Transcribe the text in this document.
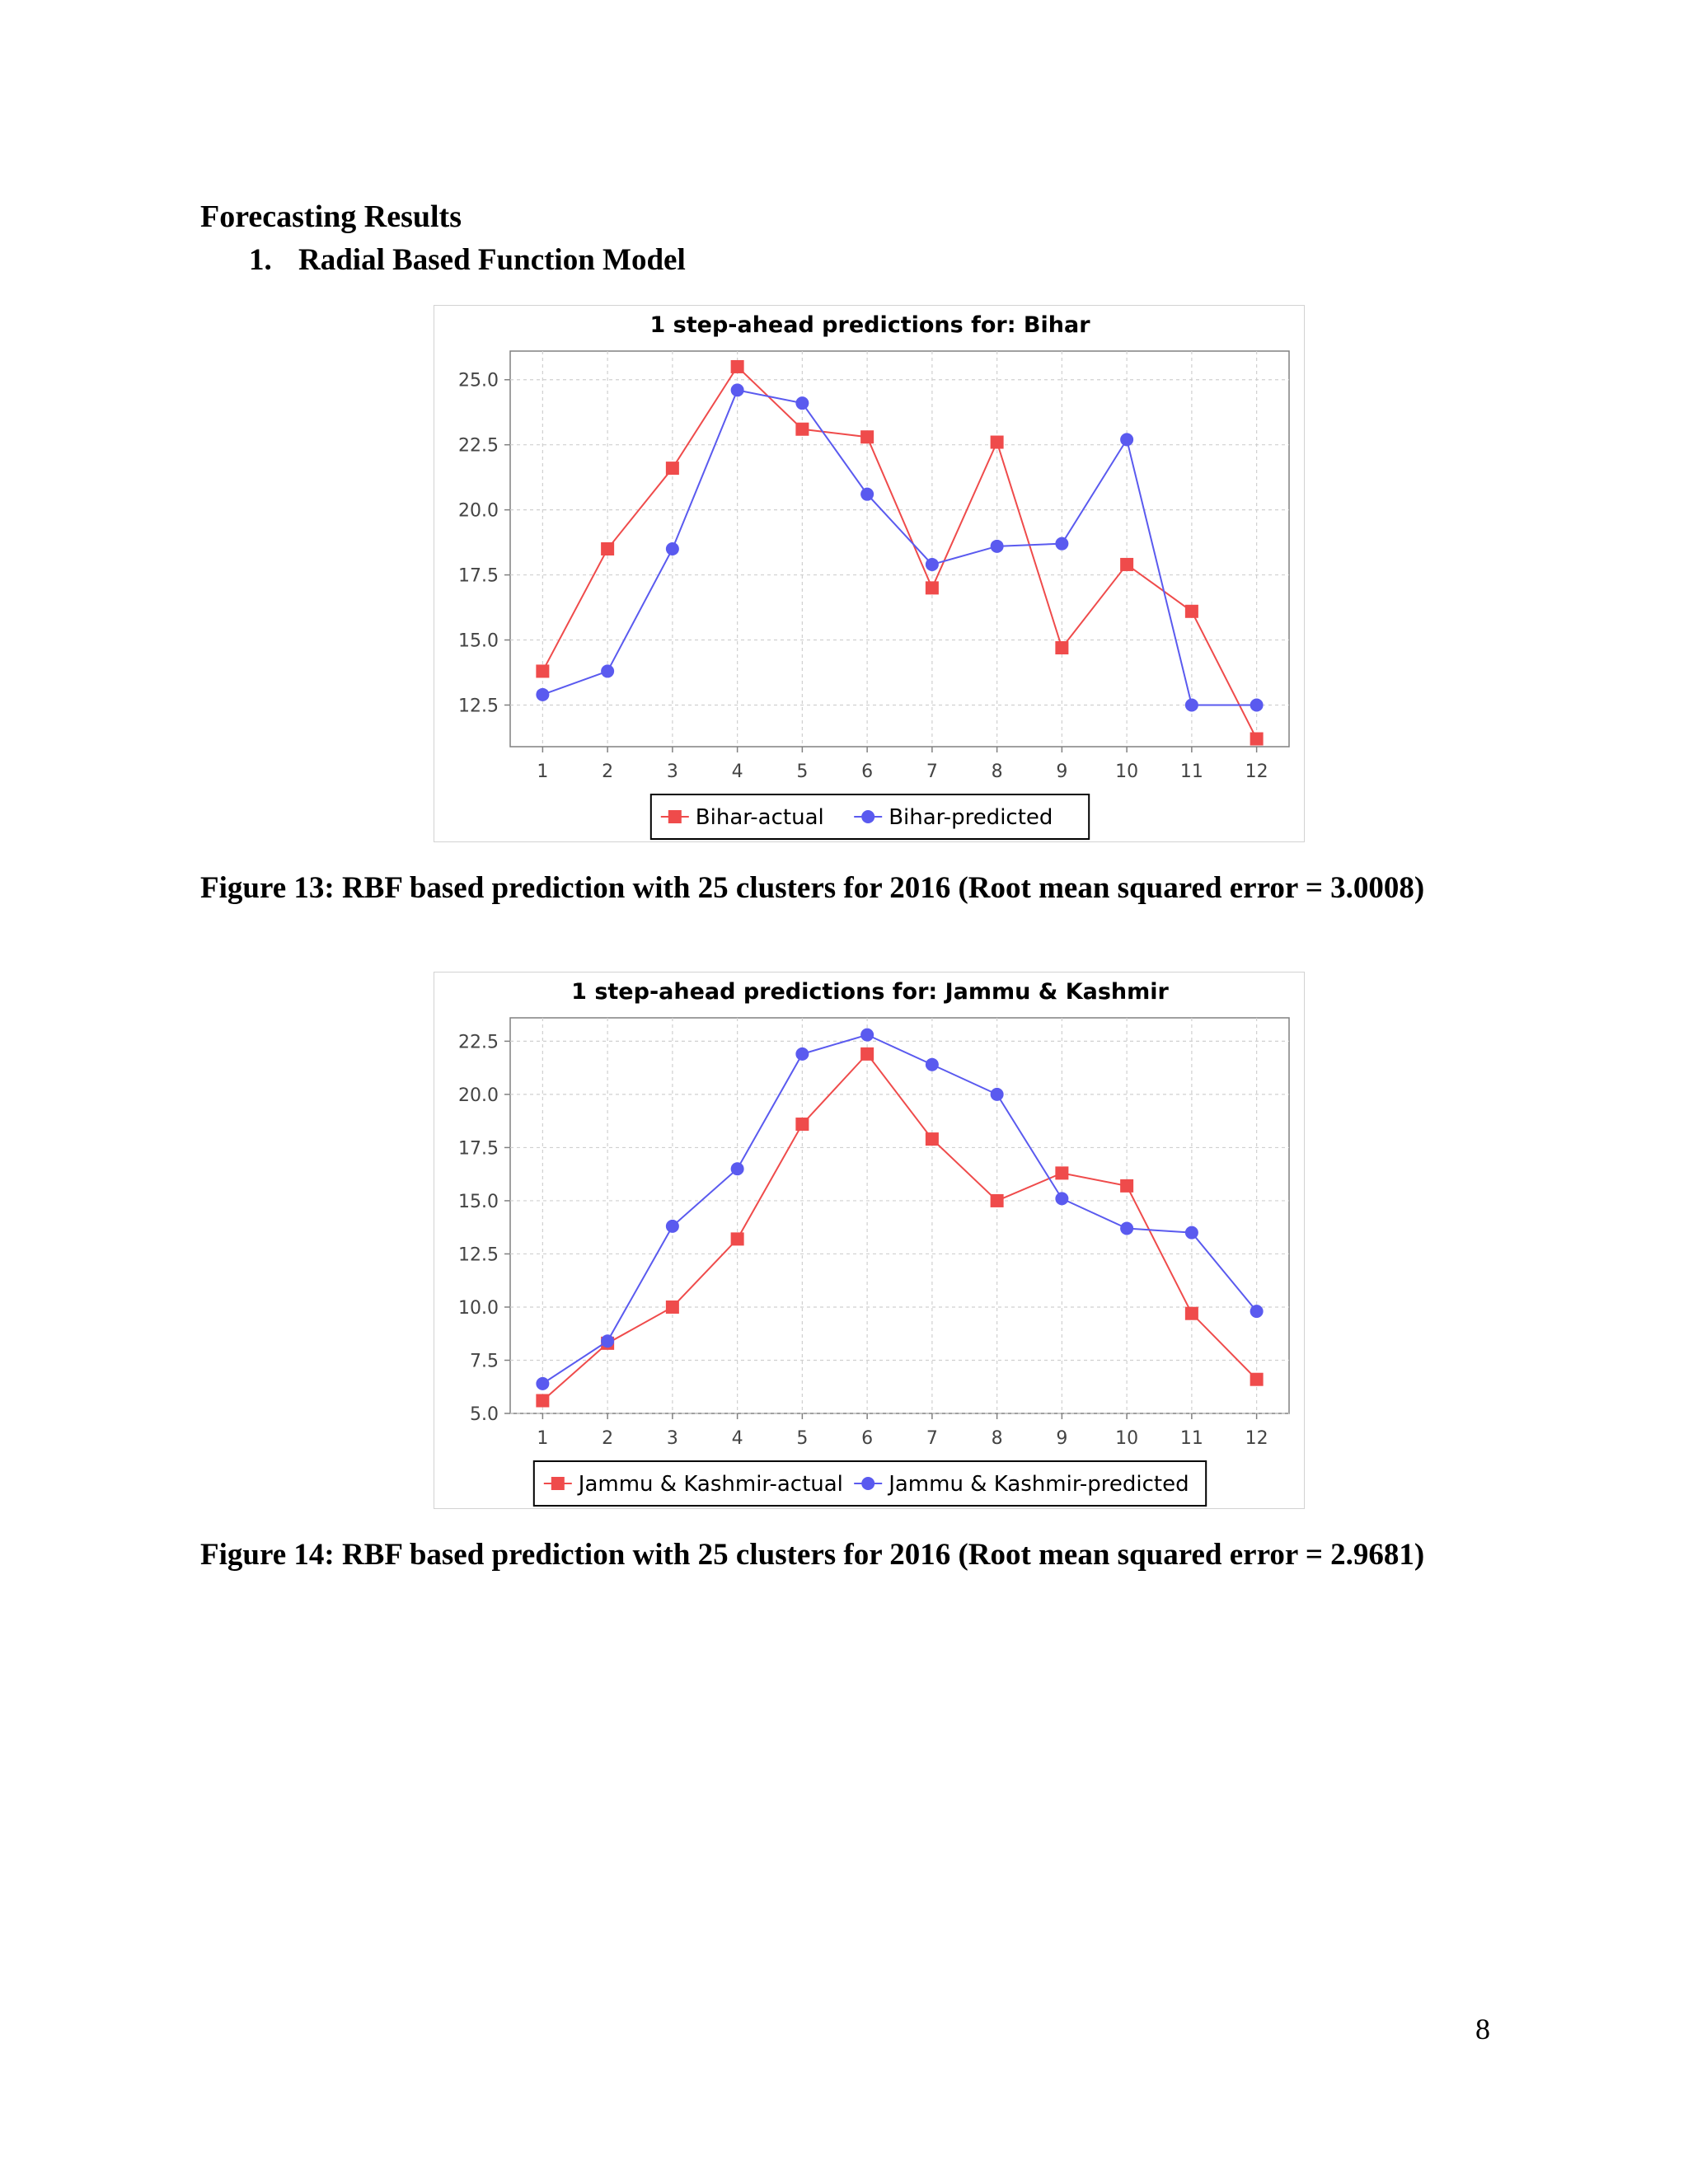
Forecasting Results
1. Radial Based Function Model
1 step-ahead predictions for: Bihar
12.5
15.0
17.5
20.0
22.5
25.0
1	2	3	4	5	6	7	8	9	10 11 12
Bihar-actual	Bihar-predicted
Figure 13: RBF based prediction with 25 clusters for 2016 (Root mean squared error = 3.0008)
1 step-ahead predictions for: Jammu & Kashmir
5.0
7.5
10.0
12.5
15.0
17.5
20.0
22.5
1	2	3	4	5	6	7	8	9	10 11 12
Jammu & Kashmir-actual Jammu & Kashmir-predicted
Figure 14: RBF based prediction with 25 clusters for 2016 (Root mean squared error = 2.9681)
8
